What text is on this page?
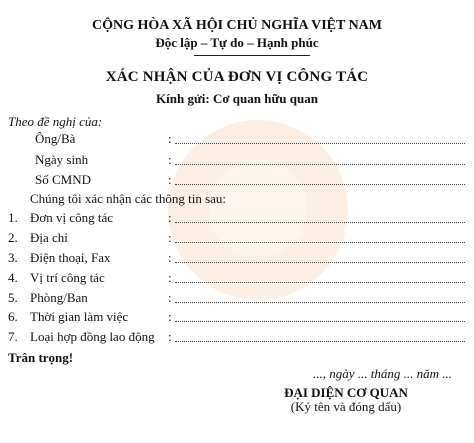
CỘNG HÒA XÃ HỘI CHỦ NGHĨA VIỆT NAM
Độc lập – Tự do – Hạnh phúc
XÁC NHẬN CỦA ĐƠN VỊ CÔNG TÁC
Kính gửi: Cơ quan hữu quan
Theo đề nghị của:
Ông/Bà	:
Ngày sinh	:
Số CMND	:
Chúng tôi xác nhận các thông tin sau:
1. Đơn vị công tác	:
2. Địa chỉ	:
3. Điện thoại, Fax	:
4. Vị trí công tác	:
5. Phòng/Ban	:
6. Thời gian làm việc	:
7. Loại hợp đồng lao động :
Trân trọng!
..., ngày ... tháng ... năm ...
ĐẠI DIỆN CƠ QUAN
(Ký tên và đóng dấu)
